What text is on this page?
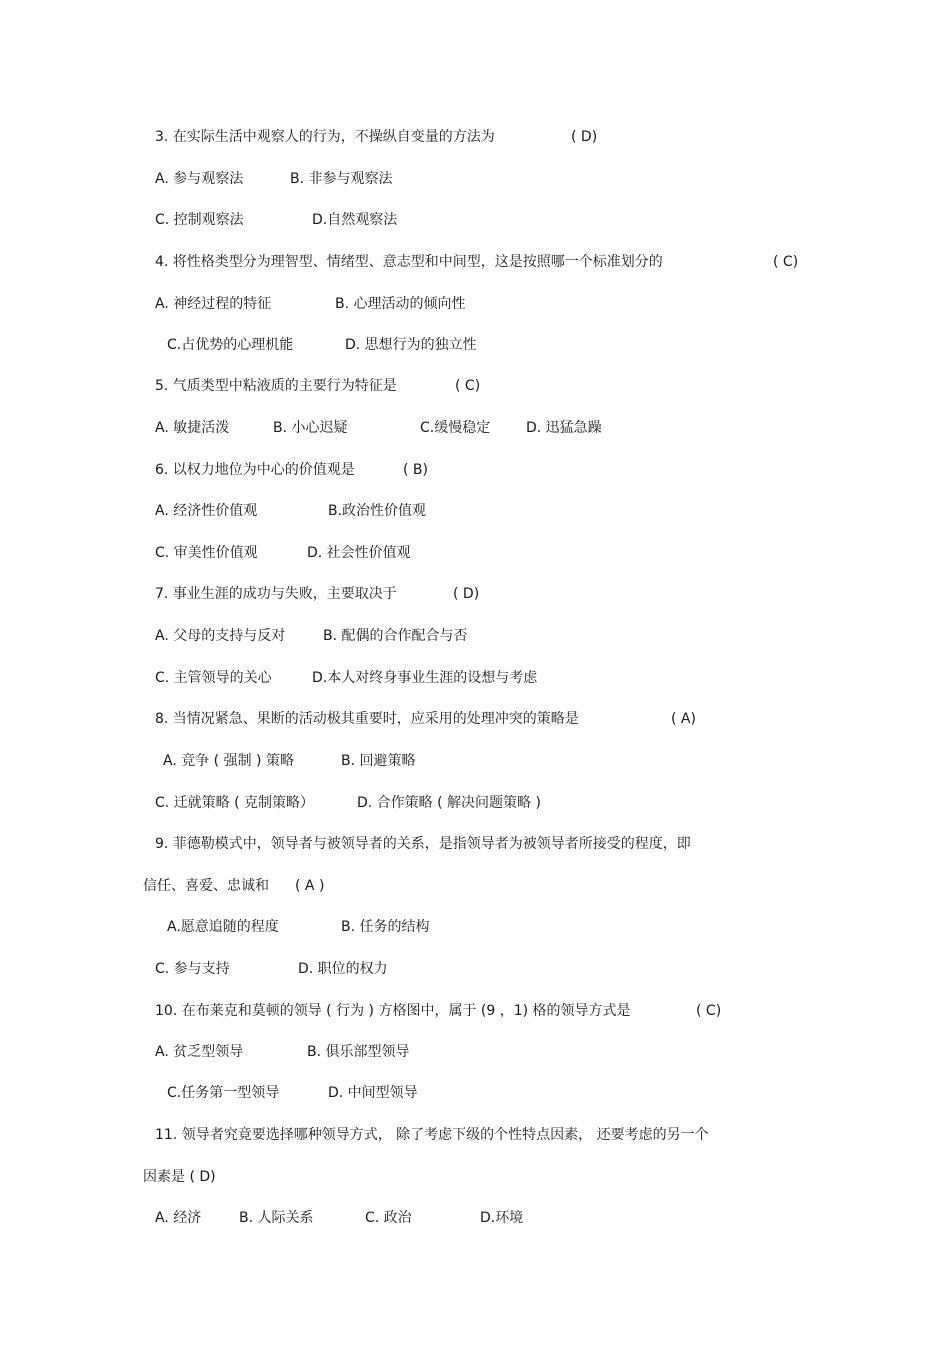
3. 在实际生活中观察人的行为，不操纵自变量的方法为	( D)
A. 参与观察法	B. 非参与观察法
C. 控制观察法	D.自然观察法
4. 将性格类型分为理智型、情绪型、意志型和中间型，这是按照哪一个标准划分的	( C)
A. 神经过程的特征	B. 心理活动的倾向性
C.占优势的心理机能	D. 思想行为的独立性
5. 气质类型中粘液质的主要行为特征是	( C)
A. 敏捷活泼	B. 小心迟疑	C.缓慢稳定	D. 迅猛急躁
6. 以权力地位为中心的价值观是	( B)
A. 经济性价值观	B.政治性价值观
C. 审美性价值观	D. 社会性价值观
7. 事业生涯的成功与失败，主要取决于	( D)
A. 父母的支持与反对	B. 配偶的合作配合与否
C. 主管领导的关心	D.本人对终身事业生涯的设想与考虑
8. 当情况紧急、果断的活动极其重要时，应采用的处理冲突的策略是	( A)
A. 竞争 ( 强制 ) 策略	B. 回避策略
C. 迁就策略 ( 克制策略）	D. 合作策略 ( 解决问题策略 )
9. 菲德勒模式中，领导者与被领导者的关系，是指领导者为被领导者所接受的程度，即
信任、喜爱、忠诚和 ( A )
A.愿意追随的程度	B. 任务的结构
C. 参与支持	D. 职位的权力
10. 在布莱克和莫顿的领导 ( 行为 ) 方格图中，属于 (9 ，1) 格的领导方式是	( C)
A. 贫乏型领导	B. 俱乐部型领导
C.任务第一型领导	D. 中间型领导
11. 领导者究竟要选择哪种领导方式， 除了考虑下级的个性特点因素， 还要考虑的另一个
因素是 ( D)
A. 经济	B. 人际关系	C. 政治	D.环境
